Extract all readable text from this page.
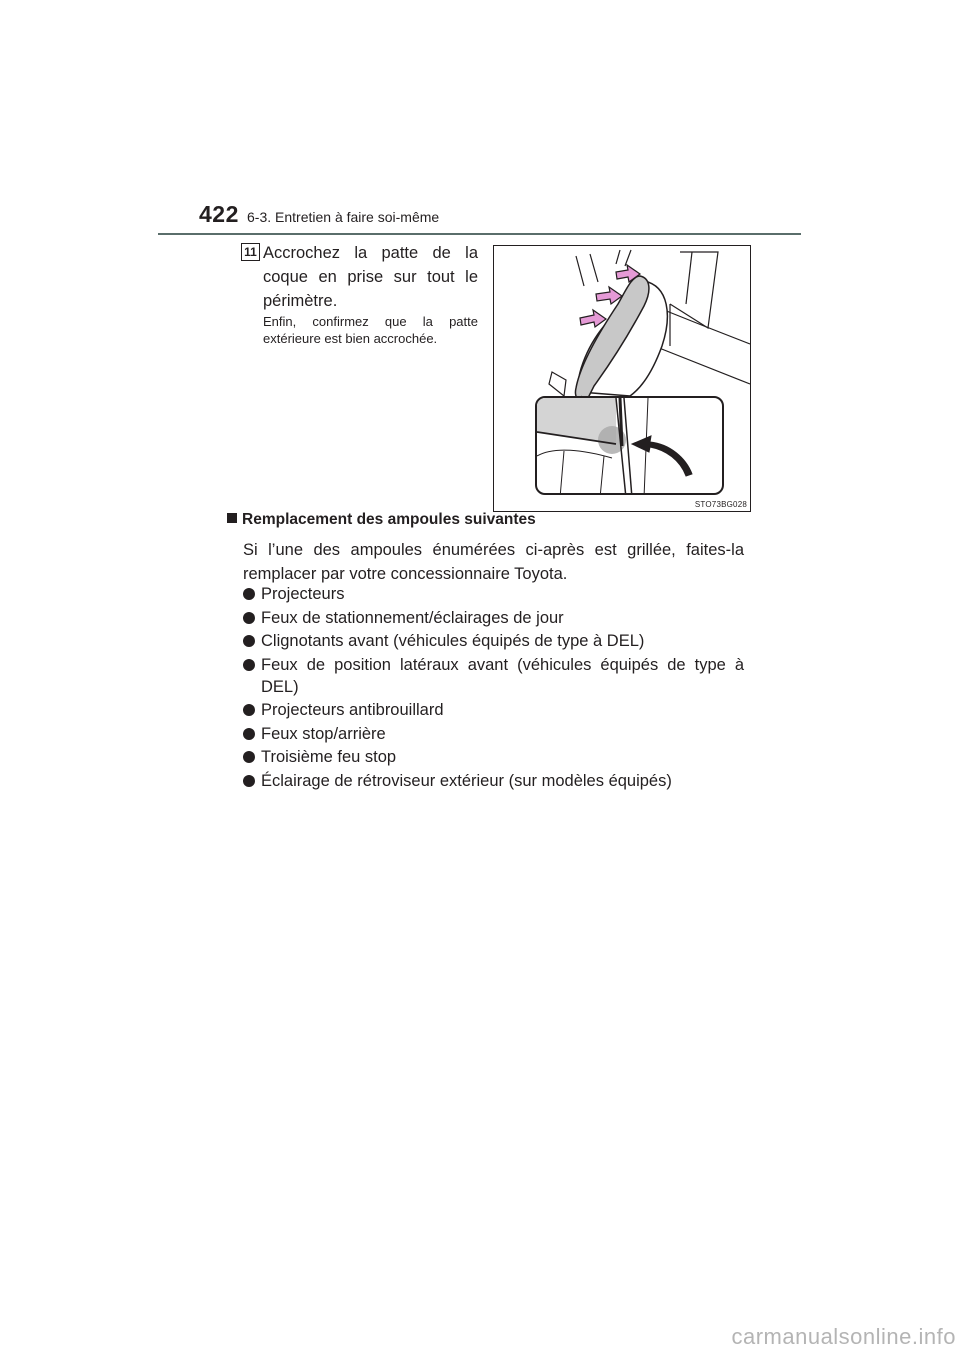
422 6-3. Entretien à faire soi-même
11 Accrochez la patte de la coque en prise sur tout le périmètre.
Enfin, confirmez que la patte extérieure est bien accrochée.
STO73BG028
Remplacement des ampoules suivantes
Si l’une des ampoules énumérées ci-après est grillée, faites-la remplacer par votre concessionnaire Toyota.
Projecteurs
Feux de stationnement/éclairages de jour
Clignotants avant (véhicules équipés de type à DEL)
Feux de position latéraux avant (véhicules équipés de type à DEL)
Projecteurs antibrouillard
Feux stop/arrière
Troisième feu stop
Éclairage de rétroviseur extérieur (sur modèles équipés)
carmanualsonline.info
